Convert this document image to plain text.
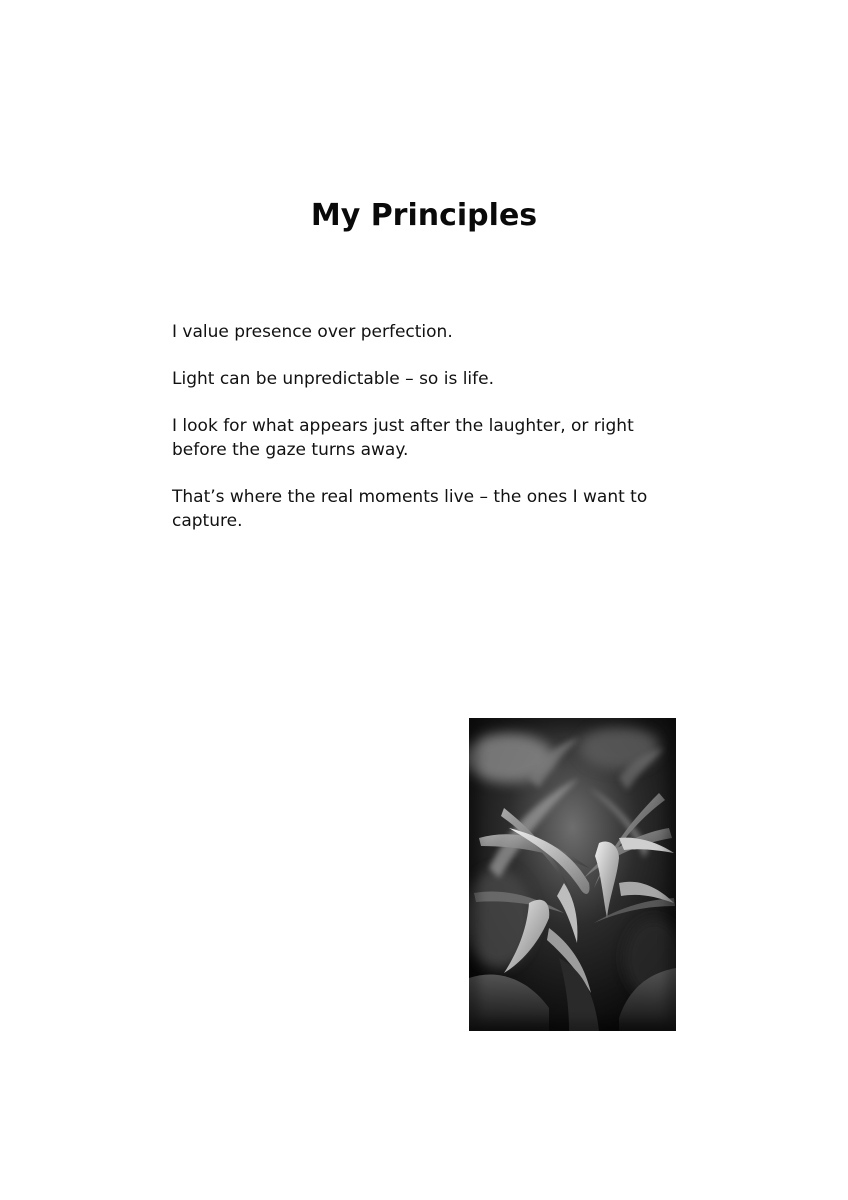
My Principles

I value presence over perfection.

Light can be unpredictable – so is life.

I look for what appears just after the laughter, or right before the gaze turns away.

That’s where the real moments live – the ones I want to capture.
